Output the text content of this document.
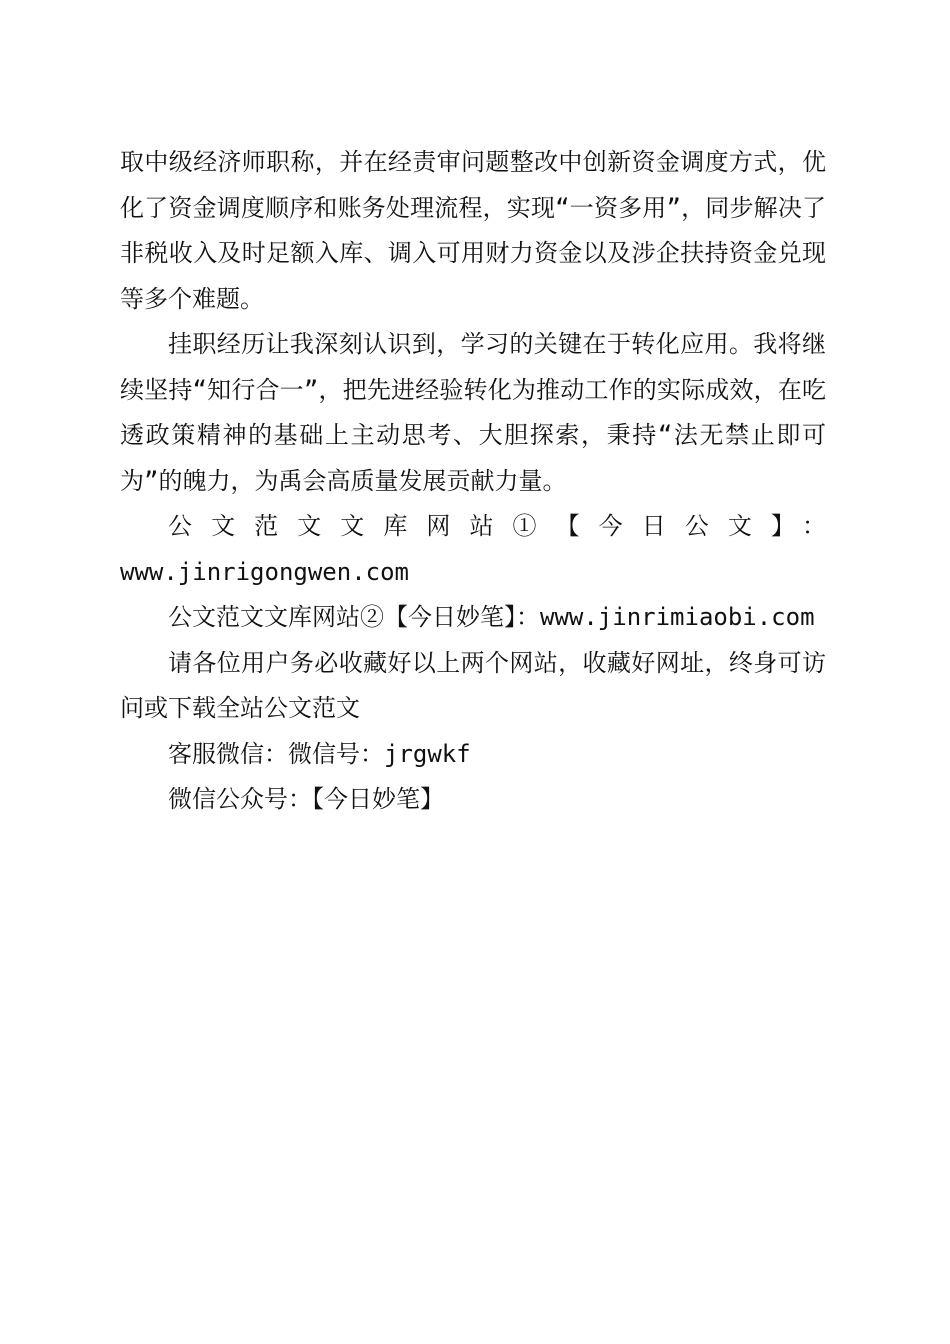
取中级经济师职称，并在经责审问题整改中创新资金调度方式，优化了资金调度顺序和账务处理流程，实现“一资多用”，同步解决了非税收入及时足额入库、调入可用财力资金以及涉企扶持资金兑现等多个难题。

挂职经历让我深刻认识到，学习的关键在于转化应用。我将继续坚持“知行合一”，把先进经验转化为推动工作的实际成效，在吃透政策精神的基础上主动思考、大胆探索，秉持“法无禁止即可为”的魄力，为禹会高质量发展贡献力量。

公文范文文库网站①【今日公文】：

www.jinrigongwen.com

公文范文文库网站②【今日妙笔】：www.jinrimiaobi.com

请各位用户务必收藏好以上两个网站，收藏好网址，终身可访问或下载全站公文范文

客服微信：微信号：jrgwkf

微信公众号：【今日妙笔】
